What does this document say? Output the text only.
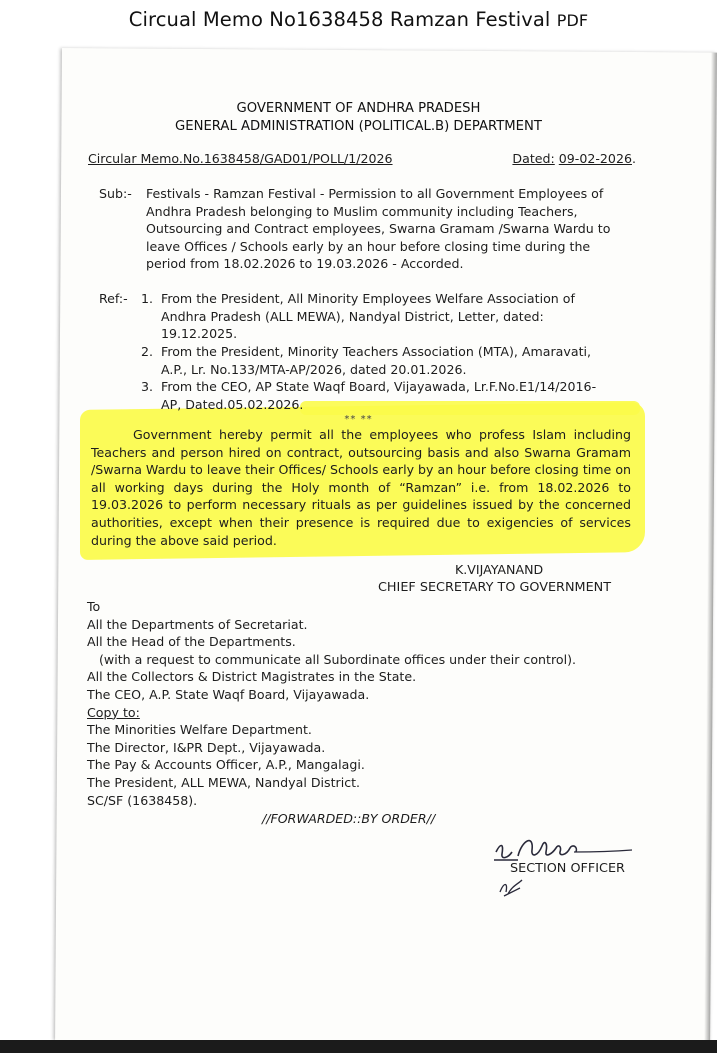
Circual Memo No1638458 Ramzan Festival PDF
GOVERNMENT OF ANDHRA PRADESH
GENERAL ADMINISTRATION (POLITICAL.B) DEPARTMENT
Circular Memo.No.1638458/GAD01/POLL/1/2026	Dated: 09-02-2026.
Sub:- Festivals - Ramzan Festival - Permission to all Government Employees of
Andhra Pradesh belonging to Muslim community including Teachers,
Outsourcing and Contract employees, Swarna Gramam /Swarna Wardu to
leave Offices / Schools early by an hour before closing time during the
period from 18.02.2026 to 19.03.2026 - Accorded.
Ref:- 1. From the President, All Minority Employees Welfare Association of
Andhra Pradesh (ALL MEWA), Nandyal District, Letter, dated:
19.12.2025.
2. From the President, Minority Teachers Association (MTA), Amaravati,
A.P., Lr. No.133/MTA-AP/2026, dated 20.01.2026.
3. From the CEO, AP State Waqf Board, Vijayawada, Lr.F.No.E1/14/2016-
AP, Dated.05.02.2026.
** **
Government hereby permit all the employees who profess Islam including Teachers and person hired on contract, outsourcing basis and also Swarna Gramam /Swarna Wardu to leave their Offices/ Schools early by an hour before closing time on all working days during the Holy month of “Ramzan” i.e. from 18.02.2026 to 19.03.2026 to perform necessary rituals as per guidelines issued by the concerned authorities, except when their presence is required due to exigencies of services during the above said period.
K.VIJAYANAND
CHIEF SECRETARY TO GOVERNMENT
To
All the Departments of Secretariat.
All the Head of the Departments.
(with a request to communicate all Subordinate offices under their control).
All the Collectors & District Magistrates in the State.
The CEO, A.P. State Waqf Board, Vijayawada.
Copy to:
The Minorities Welfare Department.
The Director, I&PR Dept., Vijayawada.
The Pay & Accounts Officer, A.P., Mangalagi.
The President, ALL MEWA, Nandyal District.
SC/SF (1638458).
//FORWARDED::BY ORDER//
SECTION OFFICER
